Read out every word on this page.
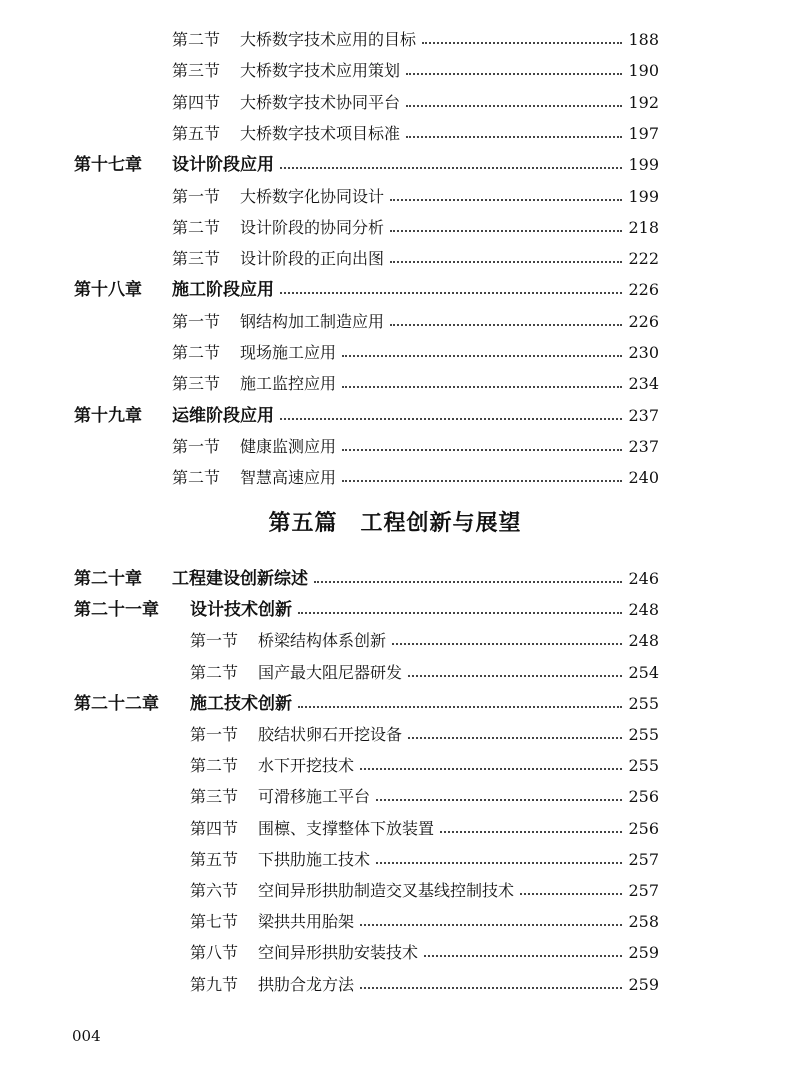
第二节	大桥数字技术应用的目标	188
第三节	大桥数字技术应用策划	190
第四节	大桥数字技术协同平台	192
第五节	大桥数字技术项目标准	197
第十七章	设计阶段应用	199
第一节	大桥数字化协同设计	199
第二节	设计阶段的协同分析	218
第三节	设计阶段的正向出图	222
第十八章	施工阶段应用	226
第一节	钢结构加工制造应用	226
第二节	现场施工应用	230
第三节	施工监控应用	234
第十九章	运维阶段应用	237
第一节	健康监测应用	237
第二节	智慧高速应用	240
第五篇　工程创新与展望
第二十章	工程建设创新综述	246
第二十一章	设计技术创新	248
第一节	桥梁结构体系创新	248
第二节	国产最大阻尼器研发	254
第二十二章	施工技术创新	255
第一节	胶结状卵石开挖设备	255
第二节	水下开挖技术	255
第三节	可滑移施工平台	256
第四节	围檩、支撑整体下放装置	256
第五节	下拱肋施工技术	257
第六节	空间异形拱肋制造交叉基线控制技术	257
第七节	梁拱共用胎架	258
第八节	空间异形拱肋安装技术	259
第九节	拱肋合龙方法	259
004
